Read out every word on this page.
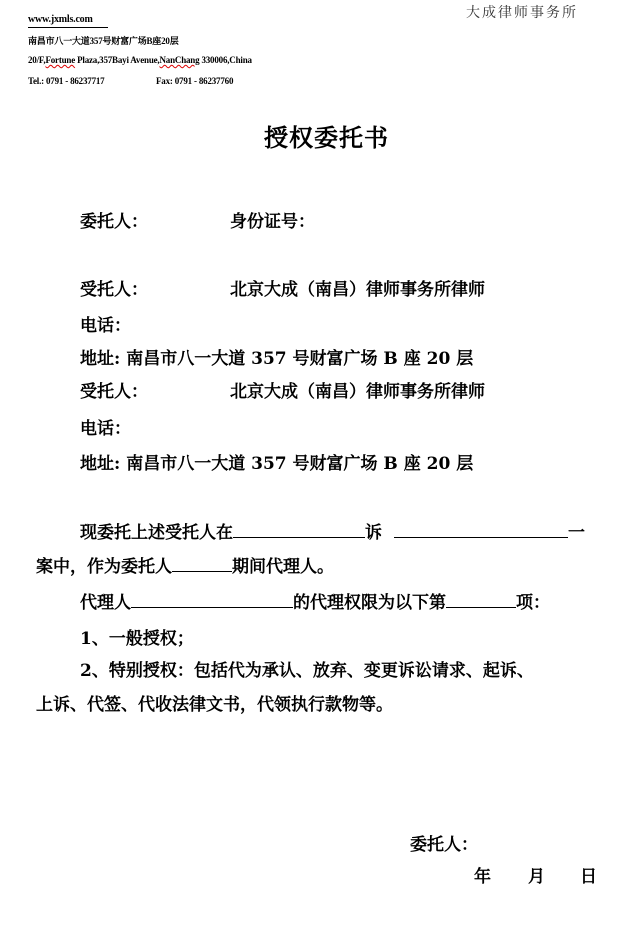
大成律师事务所
www.jxmls.com
南昌市八一大道357号财富广场B座20层
20/F,Fortune Plaza,357Bayi Avenue,NanChang 330006,China
Tel.: 0791 - 86237717	Fax: 0791 - 86237760
授权委托书
委托人：	身份证号：
受托人：	北京大成（南昌）律师事务所律师
电话：
地址: 南昌市八一大道 357 号财富广场 B 座 20 层
受托人：	北京大成（南昌）律师事务所律师
电话：
地址: 南昌市八一大道 357 号财富广场 B 座 20 层
现委托上述受托人在	诉	一
案中，作为委托人	期间代理人。
代理人	的代理权限为以下第	项：
1、一般授权；
2、特别授权：包括代为承认、放弃、变更诉讼请求、起诉、
上诉、代签、代收法律文书，代领执行款物等。
委托人：
年 月 日
